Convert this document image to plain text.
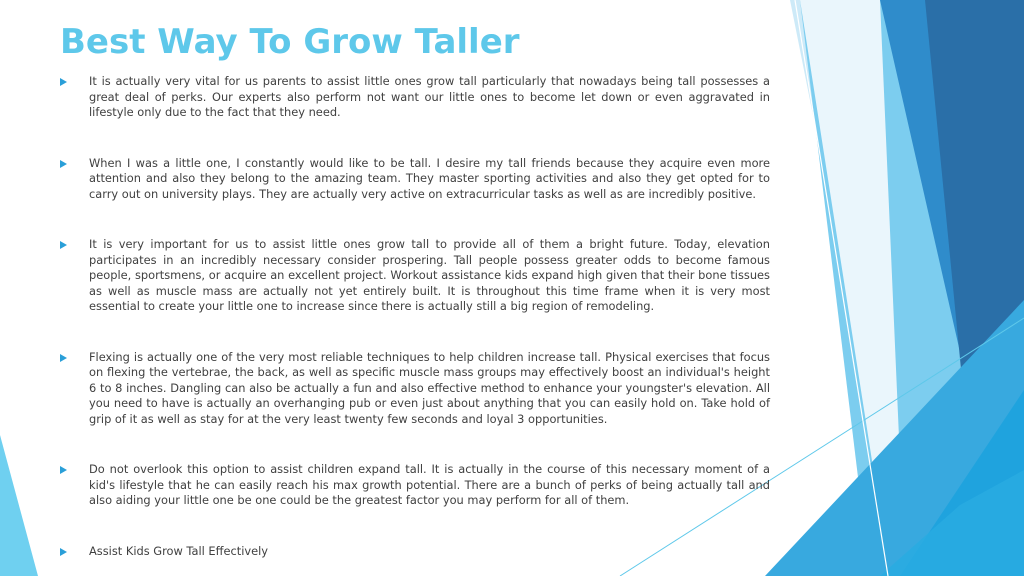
Best Way To Grow Taller
It is actually very vital for us parents to assist little ones grow tall particularly that nowadays being tall possesses a great deal of perks. Our experts also perform not want our little ones to become let down or even aggravated in lifestyle only due to the fact that they need.
When I was a little one, I constantly would like to be tall. I desire my tall friends because they acquire even more attention and also they belong to the amazing team. They master sporting activities and also they get opted for to carry out on university plays. They are actually very active on extracurricular tasks as well as are incredibly positive.
It is very important for us to assist little ones grow tall to provide all of them a bright future. Today, elevation participates in an incredibly necessary consider prospering. Tall people possess greater odds to become famous people, sportsmens, or acquire an excellent project. Workout assistance kids expand high given that their bone tissues as well as muscle mass are actually not yet entirely built. It is throughout this time frame when it is very most essential to create your little one to increase since there is actually still a big region of remodeling.
Flexing is actually one of the very most reliable techniques to help children increase tall. Physical exercises that focus on flexing the vertebrae, the back, as well as specific muscle mass groups may effectively boost an individual's height 6 to 8 inches. Dangling can also be actually a fun and also effective method to enhance your youngster's elevation. All you need to have is actually an overhanging pub or even just about anything that you can easily hold on. Take hold of grip of it as well as stay for at the very least twenty few seconds and loyal 3 opportunities.
Do not overlook this option to assist children expand tall. It is actually in the course of this necessary moment of a kid's lifestyle that he can easily reach his max growth potential. There are a bunch of perks of being actually tall and also aiding your little one be one could be the greatest factor you may perform for all of them.
Assist Kids Grow Tall Effectively
